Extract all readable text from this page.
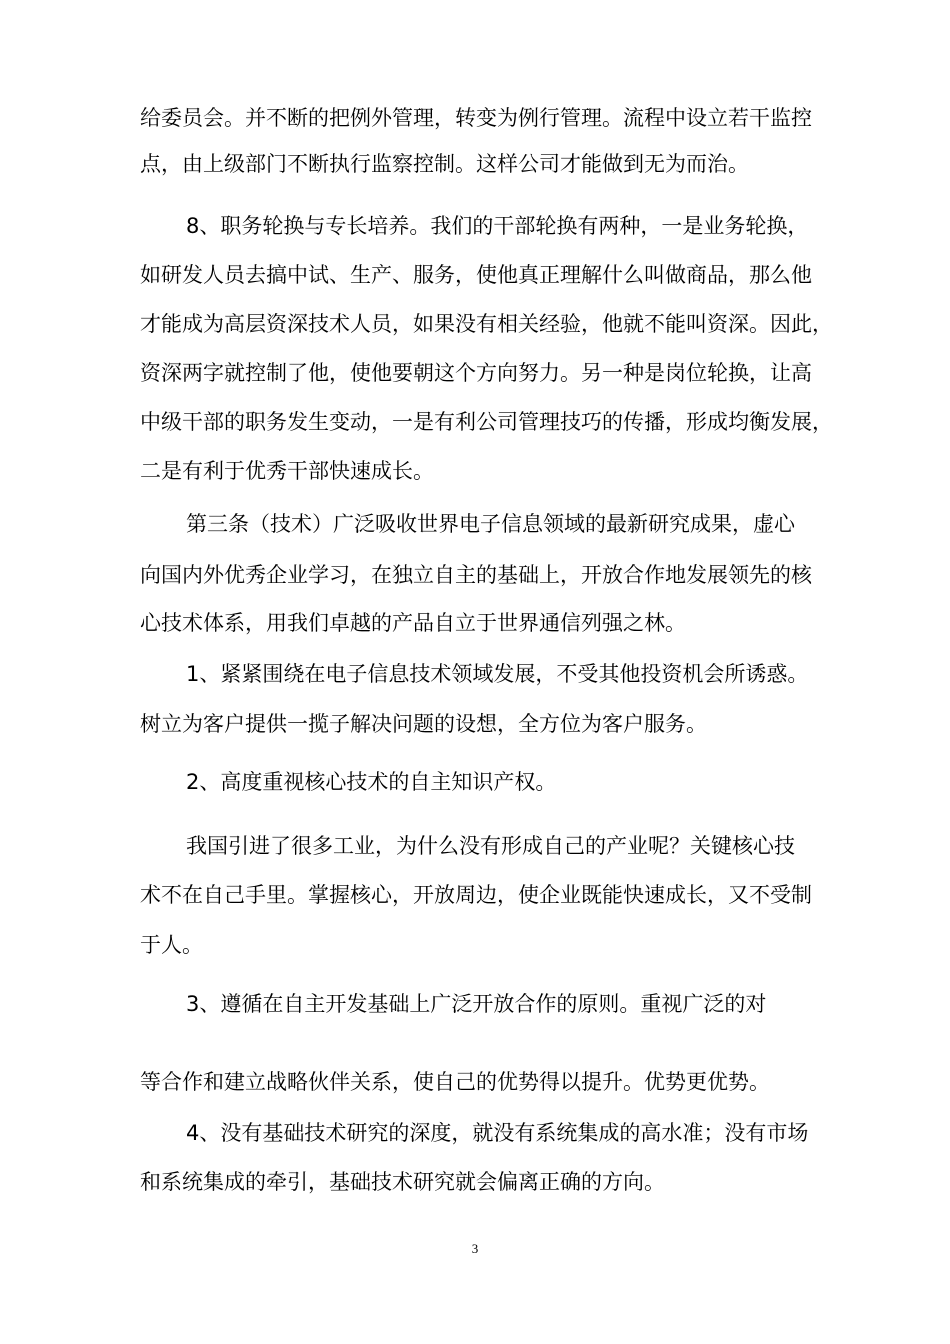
给委员会。并不断的把例外管理，转变为例行管理。流程中设立若干监控

点，由上级部门不断执行监察控制。这样公司才能做到无为而治。

8、职务轮换与专长培养。我们的干部轮换有两种，一是业务轮换，

如研发人员去搞中试、生产、服务，使他真正理解什么叫做商品，那么他

才能成为高层资深技术人员，如果没有相关经验，他就不能叫资深。因此，

资深两字就控制了他，使他要朝这个方向努力。另一种是岗位轮换，让高

中级干部的职务发生变动，一是有利公司管理技巧的传播，形成均衡发展，

二是有利于优秀干部快速成长。

第三条（技术）广泛吸收世界电子信息领域的最新研究成果，虚心

向国内外优秀企业学习，在独立自主的基础上，开放合作地发展领先的核

心技术体系，用我们卓越的产品自立于世界通信列强之林。

1、紧紧围绕在电子信息技术领域发展，不受其他投资机会所诱惑。

树立为客户提供一揽子解决问题的设想，全方位为客户服务。

2、高度重视核心技术的自主知识产权。

我国引进了很多工业，为什么没有形成自己的产业呢？关键核心技

术不在自己手里。掌握核心，开放周边，使企业既能快速成长，又不受制

于人。

3、遵循在自主开发基础上广泛开放合作的原则。重视广泛的对

等合作和建立战略伙伴关系，使自己的优势得以提升。优势更优势。

4、没有基础技术研究的深度，就没有系统集成的高水准；没有市场

和系统集成的牵引，基础技术研究就会偏离正确的方向。

3
